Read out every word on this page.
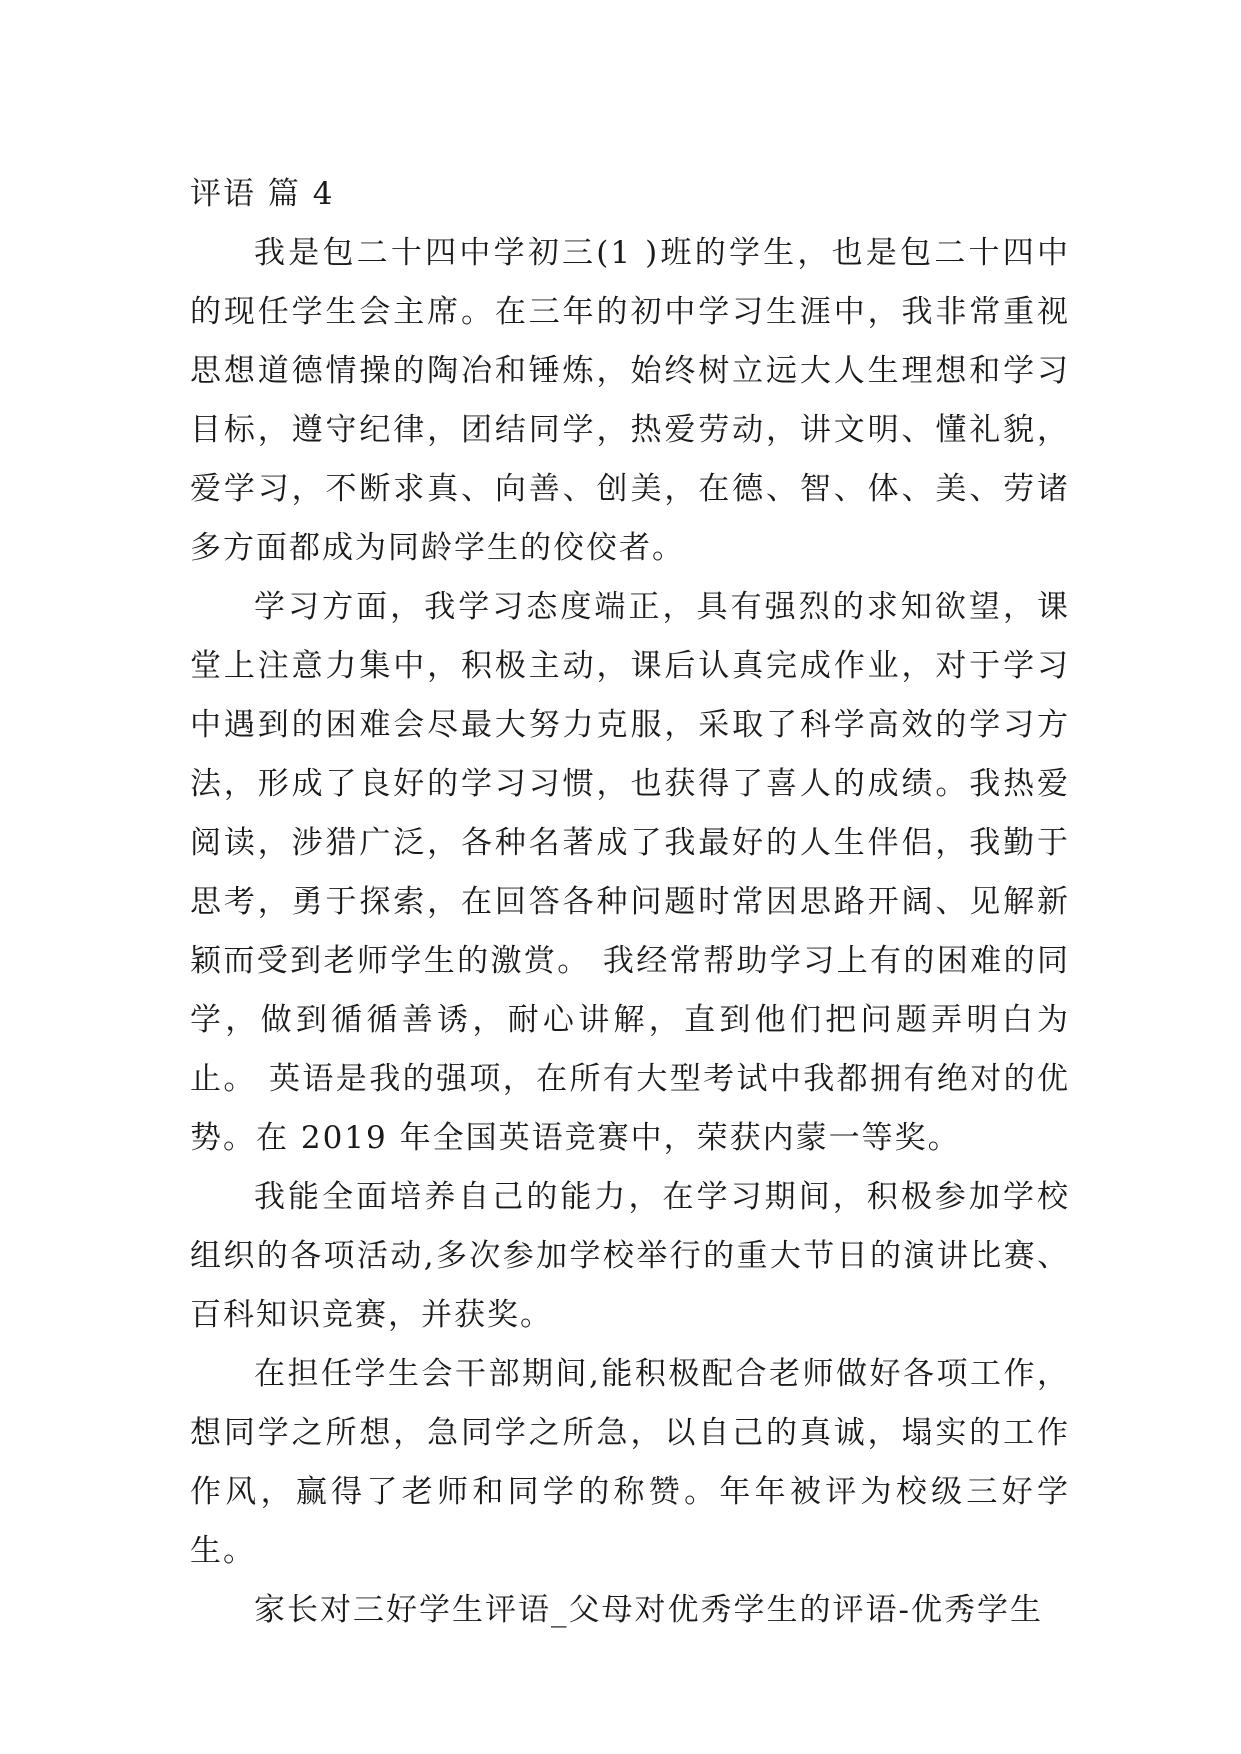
评语 篇 4

我是包二十四中学初三(1 )班的学生，也是包二十四中的现任学生会主席。在三年的初中学习生涯中，我非常重视思想道德情操的陶冶和锤炼，始终树立远大人生理想和学习目标，遵守纪律，团结同学，热爱劳动，讲文明、懂礼貌，爱学习，不断求真、向善、创美，在德、智、体、美、劳诸多方面都成为同龄学生的佼佼者。

学习方面，我学习态度端正，具有强烈的求知欲望，课堂上注意力集中，积极主动，课后认真完成作业，对于学习中遇到的困难会尽最大努力克服，采取了科学高效的学习方法，形成了良好的学习习惯，也获得了喜人的成绩。我热爱阅读，涉猎广泛，各种名著成了我最好的人生伴侣，我勤于思考，勇于探索，在回答各种问题时常因思路开阔、见解新颖而受到老师学生的激赏。 我经常帮助学习上有的困难的同学，做到循循善诱，耐心讲解，直到他们把问题弄明白为止。 英语是我的强项，在所有大型考试中我都拥有绝对的优势。在 2019 年全国英语竞赛中，荣获内蒙一等奖。

我能全面培养自己的能力，在学习期间，积极参加学校组织的各项活动,多次参加学校举行的重大节日的演讲比赛、百科知识竞赛，并获奖。

在担任学生会干部期间,能积极配合老师做好各项工作，想同学之所想，急同学之所急，以自己的真诚，塌实的工作作风，赢得了老师和同学的称赞。年年被评为校级三好学生。

家长对三好学生评语_父母对优秀学生的评语-优秀学生
